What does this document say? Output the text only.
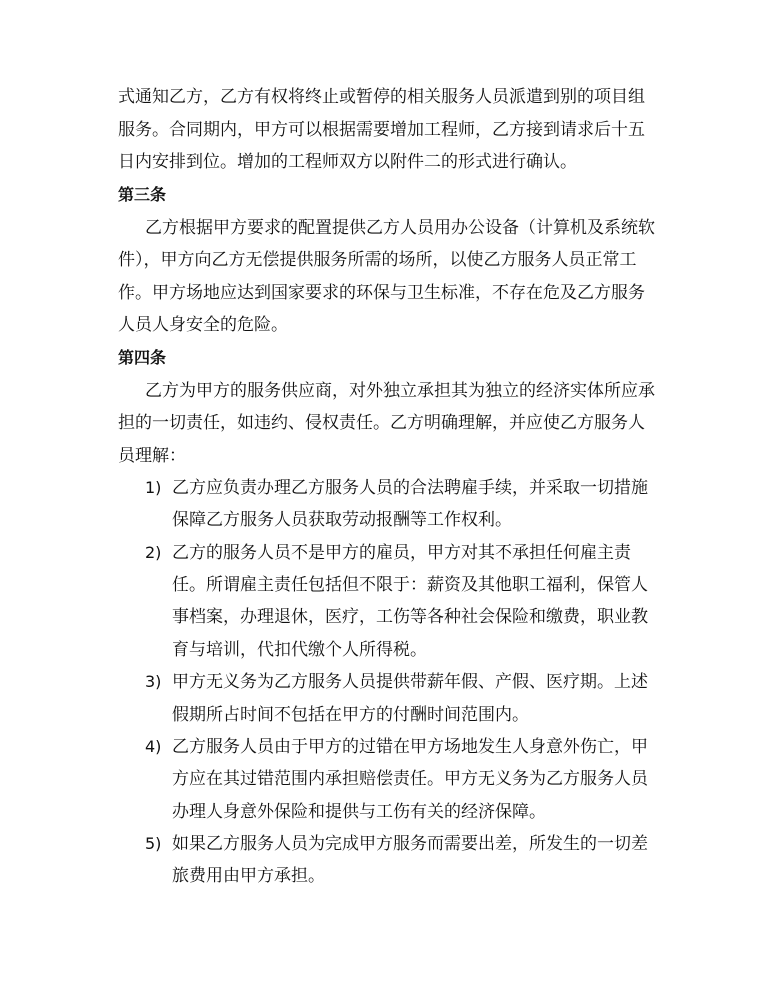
式通知乙方，乙方有权将终止或暂停的相关服务人员派遣到别的项目组
服务。合同期内，甲方可以根据需要增加工程师，乙方接到请求后十五
日内安排到位。增加的工程师双方以附件二的形式进行确认。
第三条
乙方根据甲方要求的配置提供乙方人员用办公设备（计算机及系统软
件），甲方向乙方无偿提供服务所需的场所，以使乙方服务人员正常工
作。甲方场地应达到国家要求的环保与卫生标准，不存在危及乙方服务
人员人身安全的危险。
第四条
乙方为甲方的服务供应商，对外独立承担其为独立的经济实体所应承
担的一切责任，如违约、侵权责任。乙方明确理解，并应使乙方服务人
员理解：
1) 乙方应负责办理乙方服务人员的合法聘雇手续，并采取一切措施
保障乙方服务人员获取劳动报酬等工作权利。
2) 乙方的服务人员不是甲方的雇员，甲方对其不承担任何雇主责
任。所谓雇主责任包括但不限于：薪资及其他职工福利，保管人
事档案，办理退休，医疗，工伤等各种社会保险和缴费，职业教
育与培训，代扣代缴个人所得税。
3) 甲方无义务为乙方服务人员提供带薪年假、产假、医疗期。上述
假期所占时间不包括在甲方的付酬时间范围内。
4) 乙方服务人员由于甲方的过错在甲方场地发生人身意外伤亡，甲
方应在其过错范围内承担赔偿责任。甲方无义务为乙方服务人员
办理人身意外保险和提供与工伤有关的经济保障。
5) 如果乙方服务人员为完成甲方服务而需要出差，所发生的一切差
旅费用由甲方承担。
